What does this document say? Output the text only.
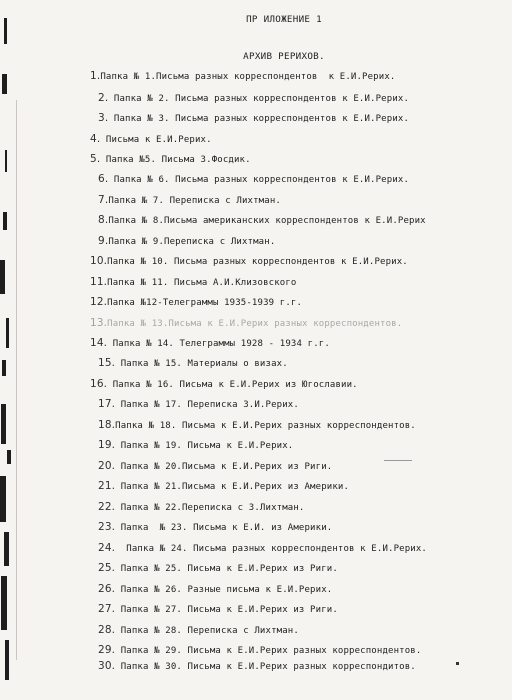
ПР ИЛОЖЕНИЕ 1
АРХИВ РЕРИХОВ.
1.Папка № 1.Письма разных корреспондентов  к Е.И.Рерих.
2. Папка № 2. Письма разных корреспондентов к Е.И.Рерих.
3. Папка № 3. Письма разных корреспондентов к Е.И.Рерих.
4. Письма к Е.И.Рерих.
5. Папка №5. Письма З.Фосдик.
6. Папка № 6. Письма разных корреспондентов к Е.И.Рерих.
7.Папка № 7. Переписка с Лихтман.
8.Папка № 8.Письма американских корреспондентов к Е.И.Рерих
9.Папка № 9.Переписка с Лихтман.
10.Папка № 10. Письма разных корреспондентов к Е.И.Рерих.
11.Папка № 11. Письма А.И.Клизовского
12.Папка №12-Телеграммы 1935-1939 г.г.
13.Папка № 13.Письма к Е.И.Рерих разных корреспондентов.
14. Папка № 14. Телеграммы 1928 - 1934 г.г.
15. Папка № 15. Материалы о визах.
16. Папка № 16. Письма к Е.И.Рерих из Югославии.
17. Папка № 17. Переписка З.И.Рерих.
18.Папка № 18. Письма к Е.И.Рерих разных корреспондентов.
19. Папка № 19. Письма к Е.И.Рерих.
20. Папка № 20.Письма к Е.И.Рерих из Риги.
21. Папка № 21.Письма к Е.И.Рерих из Америки.
22. Папка № 22.Переписка с З.Лихтман.
23. Папка  № 23. Письма к Е.И. из Америки.
24.  Папка № 24. Письма разных корреспондентов к Е.И.Рерих.
25. Папка № 25. Письма к Е.И.Рерих из Риги.
26. Папка № 26. Разные письма к Е.И.Рерих.
27. Папка № 27. Письма к Е.И.Рерих из Риги.
28. Папка № 28. Переписка с Лихтман.
29. Папка № 29. Письма к Е.И.Рерих разных корреспондентов.
30. Папка № 30. Письма к Е.И.Рерих разных корреспондитов.
